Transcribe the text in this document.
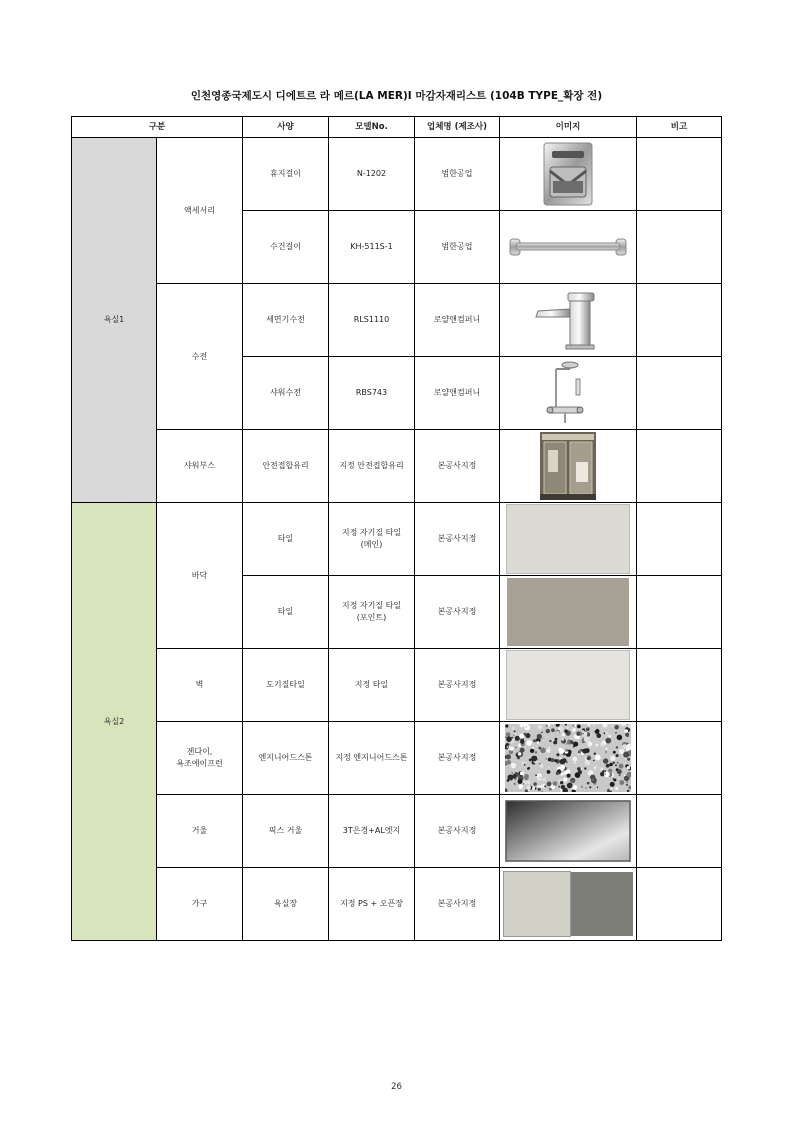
인천영종국제도시 디에트르 라 메르(LA MER)Ⅰ 마감자재리스트 (104B TYPE_확장 전)
구분		사양	모델No.	업체명 (제조사)	이미지	비고
욕실1	액세서리	휴지걸이	N-1202	범한공업	

		수건걸이	KH-511S-1	범한공업	

	수전	세면기수전	RLS1110	로얄앤컴퍼니	

		샤워수전	RBS743	로얄앤컴퍼니	

	샤워부스	안전접합유리	지정 안전접합유리	본공사지정	

욕실2	바닥	타일	지정 자기질 타일
(메인)	본공사지정	

		타일	지정 자기질 타일
(포인트)	본공사지정	

	벽	도기질타일	지정 타일	본공사지정	

	젠다이,
욕조에이프런	엔지니어드스톤	지정 엔지니어드스톤	본공사지정	

	거울	픽스 거울	3T은경+AL엣지	본공사지정	

	가구	욕실장	지정 PS + 오픈장	본공사지정	

26
